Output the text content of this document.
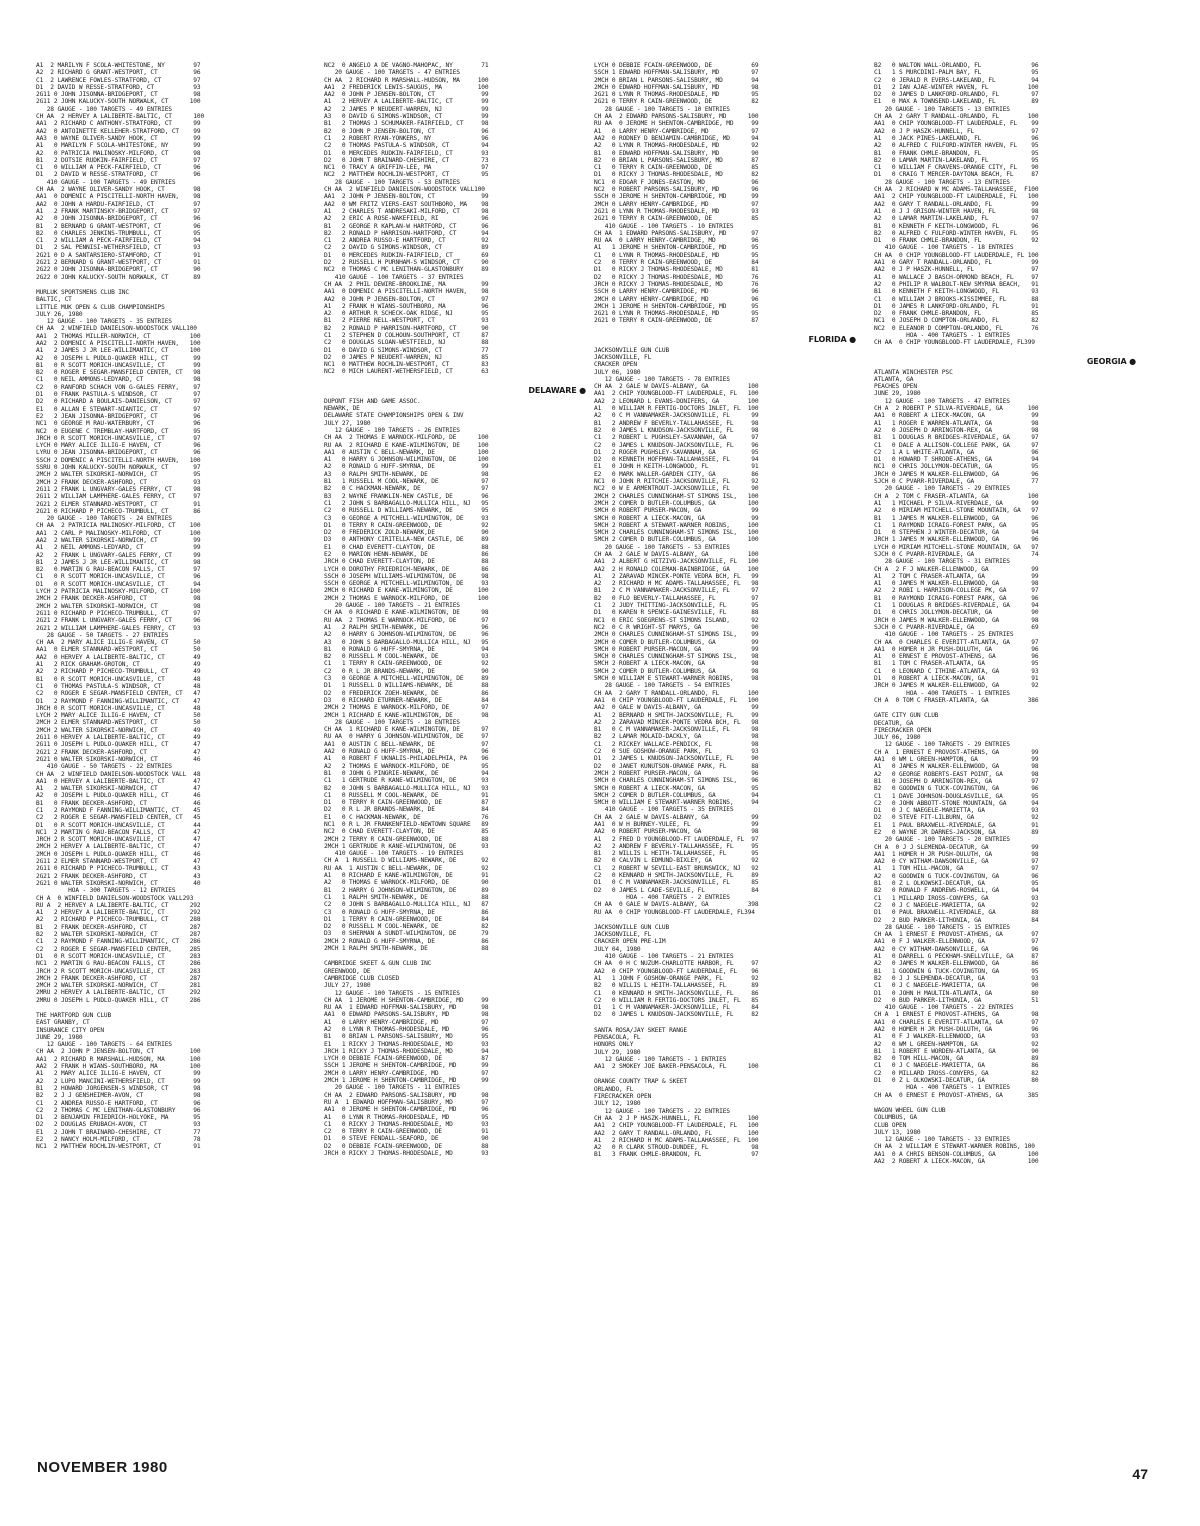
A1  2 MARILYN F SCOLA-WHITESTONE, NY        97
A2  2 RICHARD G GRANT-WESTPORT, CT          96
C1  2 LAWRENCE FOWLES-STRATFORD, CT         97
D1  2 DAVID W RESSE-STRATFORD, CT           93
2G11 0 JOHN JISONNA-BRIDGEPORT, CT          98
2G11 2 JOHN KALUCKY-SOUTH NORWALK, CT      100
28 GAUGE - 100 TARGETS - 49 ENTRIES
CH AA  2 HERVEY A LALIBERTE-BALTIC, CT      100
AA1  2 RICHARD C ANTHONY-STRATFORD, CT      99
AA2  0 ANTOINETTE KELLEHER-STRATFORD, CT    99
AA3  0 WAYNE OLIVER-SANDY HOOK, CT          99
A1   0 MARILYN F SCOLA-WHITESTONE, NY       99
A2   0 PATRICIA MALINOSKY-MILFORD, CT       98
B1   2 DOTSIE RUDKIN-FAIRFIELD, CT          97
C1   0 WILLIAM A PECK-FAIRFIELD, CT         96
D1   2 DAVID W RESSE-STRATFORD, CT          96
410 GAUGE - 100 TARGETS - 49 ENTRIES
CH AA  2 WAYNE OLIVER-SANDY HOOK, CT        98
AA1  0 DOMENIC A PISCITELLI-NORTH HAVEN,    98
AA2  0 JOHN A HARDU-FAIRFIELD, CT           97
A1   2 FRANK MARTINSKY-BRIDGEPORT, CT       97
A2   0 JOHN JISONNA-BRIDGEPORT, CT          96
B1   2 BERNARD G GRANT-WESTPORT, CT         96
B2   0 CHARLES JENKINS-TRUMBULL, CT         95
C1   2 WILLIAM A PECK-FAIRFIELD, CT         94
D1   2 SAL PENNISI-WETHERSFIELD, CT         93
2G21 0 D A SANTARSIERO-STAMFORD, CT         91
2G21 2 BERNARD G GRANT-WESTPORT, CT         91
2G22 0 JOHN JISONNA-BRIDGEPORT, CT          90
2G22 0 JOHN KALUCKY-SOUTH NORWALK, CT       89
MURLUK SPORTSMENS CLUB INC
BALTIC, CT
LITTLE MUK OPEN & CLUB CHAMPIONSHIPS
JULY 26, 1980
12 GAUGE - 100 TARGETS - 35 ENTRIES
CH AA  2 WINFIELD DANIELSON-WOODSTOCK VALL100
AA1  2 THOMAS MILLER-NORWICH, CT           100
AA2  2 DOMENIC A PISCITELLI-NORTH HAVEN,   100
A1   2 JAMES J JR LEE-WILLIMANTIC, CT      100
A2   0 JOSEPH L PUDLO-QUAKER HILL, CT       99
B1   0 R SCOTT MORICH-UNCASVILLE, CT        99
B2   0 ROGER E SEGAR-MANSFIELD CENTER, CT   98
C1   0 NEIL AMMONS-LEDYARD, CT              98
C2   0 RANFORD SCHACH VON G-GALES FERRY,    97
D1   0 FRANK PASTULA-S WINDSOR, CT          97
D2   0 RICHARD A BOULAIS-DANIELSON, CT      97
E1   0 ALLAN E STEWART-NIANTIC, CT          97
E2   2 JEAN JISONNA-BRIDGEPORT, CT          96
NC1  0 GEORGE M RAU-WATERBURY, CT           96
NC2  0 EUGENE C TREMBLAY-HARTFORD, CT       95
JRCH 0 R SCOTT MORICH-UNCASVILLE, CT        97
LYCH 0 MARY ALICE ILLIG-E HAVEN, CT         96
LYRU 0 JEAN JISONNA-BRIDGEPORT, CT          96
SSCH 2 DOMENIC A PISCITELLI-NORTH HAVEN,   100
SSRU 0 JOHN KALUCKY-SOUTH NORWALK, CT       97
2MCH 2 WALTER SIKORSKI-NORWICH, CT          95
2MCH 2 FRANK DECKER-ASHFORD, CT             93
2G11 2 FRANK L UNGVARY-GALES FERRY, CT      98
2G11 2 WILLIAM LAMPHERE-GALES FERRY, CT     97
2G21 2 ELMER STANNARD-WESTPORT, CT          91
2G21 0 RICHARD P PICHECO-TRUMBULL, CT       86
20 GAUGE - 100 TARGETS - 24 ENTRIES
CH AA  2 PATRICIA MALINOSKY-MILFORD, CT    100
AA1  2 CARL P MALINOSKY-MILFORD, CT        100
AA2  2 WALTER SIKORSKI-NORWICH, CT          99
A1   2 NEIL AMMONS-LEDYARD, CT              99
A2   2 FRANK L UNGVARY-GALES FERRY, CT      99
B1   2 JAMES J JR LEE-WILLIMANTIC, CT       98
B2   0 MARTIN G RAU-BEACON FALLS, CT        97
C1   0 R SCOTT MORICH-UNCASVILLE, CT        96
D1   0 R SCOTT MORICH-UNCASVILLE, CT        94
LYCH 2 PATRICIA MALINOSKY-MILFORD, CT      100
2MCH 2 FRANK DECKER-ASHFORD, CT             98
2MCH 2 WALTER SIKORSKI-NORWICH, CT          98
2G11 0 RICHARD P PICHECO-TRUMBULL, CT       97
2G21 2 FRANK L UNGVARY-GALES FERRY, CT      96
2G21 2 WILLIAM LAMPHERE-GALES FERRY, CT     93
28 GAUGE - 50 TARGETS - 27 ENTRIES
CH AA  2 MARY ALICE ILLIG-E HAVEN, CT       50
AA1  0 ELMER STANNARD-WESTPORT, CT          50
AA2  0 HERVEY A LALIBERTE-BALTIC, CT        49
A1   2 RICK GRAHAM-GROTON, CT               49
A2   2 RICHARD P PICHECO-TRUMBULL, CT       49
B1   0 R SCOTT MORICH-UNCASVILLE, CT        48
C1   0 THOMAS PASTULA-S WINDSOR, CT         48
C2   0 ROGER E SEGAR-MANSFIELD CENTER, CT   47
D1   2 RAYMOND F FANNING-WILLIMANTIC, CT    47
JRCH 0 R SCOTT MORICH-UNCASVILLE, CT        48
LYCH 2 MARY ALICE ILLIG-E HAVEN, CT         50
2MCH 2 ELMER STANNARD-WESTPORT, CT          50
2MCH 2 WALTER SIKORSKI-NORWICH, CT          49
2G11 0 HERVEY A LALIBERTE-BALTIC, CT        49
2G11 0 JOSEPH L PUDLO-QUAKER HILL, CT       47
2G21 2 FRANK DECKER-ASHFORD, CT             47
2G21 0 WALTER SIKORSKI-NORWICH, CT          46
410 GAUGE - 50 TARGETS - 22 ENTRIES
CH AA  2 WINFIELD DANIELSON-WOODSTOCK VALL  48
AA1  0 HERVEY A LALIBERTE-BALTIC, CT        47
A1   2 WALTER SIKORSKI-NORWICH, CT          47
A2   0 JOSEPH L PUDLO-QUAKER HILL, CT       46
B1   0 FRANK DECKER-ASHFORD, CT             46
C1   2 RAYMOND F FANNING-WILLIMANTIC, CT    45
C2   2 ROGER E SEGAR-MANSFIELD CENTER, CT   45
D1   0 R SCOTT MORICH-UNCASVILLE, CT        44
NC1  2 MARTIN G RAU-BEACON FALLS, CT        47
JRCH 2 R SCOTT MORICH-UNCASVILLE, CT        47
2MCH 2 HERVEY A LALIBERTE-BALTIC, CT        47
2MCH 0 JOSEPH L PUDLO-QUAKER HILL, CT       46
2G11 2 ELMER STANNARD-WESTPORT, CT          47
2G11 0 RICHARD P PICHECO-TRUMBULL, CT       43
2G21 2 FRANK DECKER-ASHFORD, CT             43
2G21 0 WALTER SIKORSKI-NORWICH, CT          40
HOA - 300 TARGETS - 12 ENTRIES
CH A  0 WINFIELD DANIELSON-WOODSTOCK VALL293
RU A  2 HERVEY A LALIBERTE-BALTIC, CT      292
A1   2 HERVEY A LALIBERTE-BALTIC, CT       292
A2   2 RICHARD P PICHECO-TRUMBULL, CT      288
B1   2 FRANK DECKER-ASHFORD, CT            287
B2   2 WALTER SIKORSKI-NORWICH, CT         287
C1   2 RAYMOND F FANNING-WILLIMANTIC, CT   286
C2   2 ROGER E SEGAR-MANSFIELD CENTER,     285
D1   0 R SCOTT MORICH-UNCASVILLE, CT       283
NC1  2 MARTIN G RAU-BEACON FALLS, CT       286
JRCH 2 R SCOTT MORICH-UNCASVILLE, CT       283
2MCH 2 FRANK DECKER-ASHFORD, CT            287
2MCH 2 WALTER SIKORSKI-NORWICH, CT         281
2MRU 2 HERVEY A LALIBERTE-BALTIC, CT       292
2MRU 0 JOSEPH L PUDLO-QUAKER HILL, CT      286
THE HARTFORD GUN CLUB
EAST GRANBY, CT
INSURANCE CITY OPEN
JUNE 29, 1980
12 GAUGE - 100 TARGETS - 64 ENTRIES
CH AA  2 JOHN P JENSEN-BOLTON, CT          100
AA1  2 RICHARD R MARSHALL-HUDSON, MA       100
AA2  2 FRANK H WIANS-SOUTHBORO, MA         100
A1   2 MARY ALICE ILLIG-E HAVEN, CT         99
A2   2 LUPO MANCINI-WETHERSFIELD, CT        99
B1   2 HOWARD JORGENSEN-S WINDSOR, CT       98
B2   2 J J GENSHEIMER-AVON, CT              98
C1   2 ANDREA RUSSO-E HARTFORD, CT          96
C2   2 THOMAS C MC LENITHAN-GLASTONBURY     96
D1   2 BENJAMIN FRIEDRICH-HOLYOKE, MA       95
D2   2 DOUGLAS ERUBACH-AVON, CT             93
E1   2 JOHN T BRAINARD-CHESHIRE, CT         77
E2   2 NANCY HOLM-MILFORD, CT               78
NC1  2 MATTHEW ROCHLIN-WESTPORT, CT         91
NC2  0 ANGELO A DE VAGNO-MAHOPAC, NY        71
20 GAUGE - 100 TARGETS - 47 ENTRIES
CH AA  2 RICHARD R MARSHALL-HUDSON, MA     100
AA1  2 FREDERICK LEWIS-SAUGUS, MA          100
AA2  0 JOHN P JENSEN-BOLTON, CT             99
A1   2 HERVEY A LALIBERTE-BALTIC, CT        99
A2   2 JAMES P NEUDERT-WARREN, NJ           99
A3   0 DAVID G SIMONS-WINDSOR, CT           99
B1   2 THOMAS J SCHUMAKER-FAIRFIELD, CT     98
B2   0 JOHN P JENSEN-BOLTON, CT             96
C1   2 ROBERT RYAN-YONKERS, NY              96
C2   0 THOMAS PASTULA-S WINDSOR, CT         94
D1   0 MERCEDES RUDKIN-FAIRFIELD, CT        93
D2   0 JOHN T BRAINARD-CHESHIRE, CT         73
NC1  0 TRACY A GRIFFIN-LEE, MA              97
NC2  2 MATTHEW ROCHLIN-WESTPORT, CT         95
28 GAUGE - 100 TARGETS - 53 ENTRIES
CH AA  2 WINFIELD DANIELSON-WOODSTOCK VALL100
AA1  2 JOHN P JENSEN-BOLTON, CT             99
AA2  0 WM FRITZ VIERS-EAST SOUTHBORO, MA    98
A1   2 CHARLES T ANDRESAKI-MILFORD, CT      98
A2   2 ERIC A ROSE-WAKEFIELD, RI            96
B1   2 GEORGE R KAPLAN-W HARTFORD, CT       96
B2   2 RONALD P HARRISON-HARTFORD, CT       94
C1   2 ANDREA RUSSO-E HARTFORD, CT          92
C2   2 DAVID G SIMONS-WINDSOR, CT           89
D1   0 MERCEDES RUDKIN-FAIRFIELD, CT        69
D2   2 RUSSELL H PURNHAM-S WINDSOR, CT      90
NC2  0 THOMAS C MC LENITHAN-GLASTONBURY     89
410 GAUGE - 100 TARGETS - 37 ENTRIES
CH AA  2 PHIL DEWIRE-BROOKLINE, MA          99
AA1  0 DOMENIC A PISCITELLI-NORTH HAVEN,    98
AA2  0 JOHN P JENSEN-BOLTON, CT             97
A1   2 FRANK H WIANS-SOUTHBORO, MA          96
A2   0 ARTHUR R SCHECK-OAK RIDGE, NJ        95
B1   2 PIERRE NELL-WESTPORT, CT             93
B2   2 RONALD P HARRISON-HARTFORD, CT       90
C1   2 STEPHEN D COLHOUN-SOUTHPORT, CT      87
C2   0 DOUGLAS SLOAN-WESTFIELD, NJ          88
D1   0 DAVID G SIMONS-WINDSOR, CT           77
D2   0 JAMES P NEUDERT-WARREN, NJ           85
NC1  0 MATTHEW ROCHLIN-WESTPORT, CT         83
NC2  0 MICH LAURENT-WETHERSFIELD, CT        63
DELAWARE ●
DUPONT FISH AND GAME ASSOC.
NEWARK, DE
DELAWARE STATE CHAMPIONSHIPS OPEN & INV
JULY 27, 1980
12 GAUGE - 100 TARGETS - 26 ENTRIES
CH AA  2 THOMAS E WARNOCK-MILFORD, DE      100
RU AA  2 RICHARD E KANE-WILMINGTON, DE     100
AA1  0 AUSTIN C BELL-NEWARK, DE            100
A1   0 HARRY G JOHNSON-WILMINGTON, DE      100
A2   0 RONALD G HUFF-SMYRNA, DE             99
A3   0 RALPH SMITH-NEWARK, DE               98
B1   1 RUSSELL M COOL-NEWARK, DE            97
B2   0 C HACKMAN-NEWARK, DE                 97
B3   2 WAYNE FRANKLIN-NEW CASTLE, DE        96
C1   2 JOHN S BARBAGALLO-MULLICA HILL, NJ   95
C2   0 RUSSELL D WILLIAMS-NEWARK, DE        95
C3   0 GEORGE A MITCHELL-WILMINGTON, DE     93
D1   0 TERRY R CAIN-GREENWOOD, DE           92
D2   0 FREDERICK ZOLD-NEWARK,DE             90
D3   0 ANTHONY CIRITELLA-NEW CASTLE, DE     89
E1   0 CHAD EVERETT-CLAYTON, DE             88
E2   0 MARION HENN-NEWARK, DE               86
JRCH 0 CHAD EVERETT-CLAYTON, DE             88
LYCH 0 DOROTHY FRIEDRICH-NEWARK, DE         86
SSCH 0 JOSEPH WILLIAMS-WILMINGTON, DE       98
SSCH 0 GEORGE A MITCHELL-WILMINGTON, DE     93
2MCH 0 RICHARD E KANE-WILMINGTON, DE       100
2MCH 2 THOMAS E WARNOCK-MILFORD, DE        100
20 GAUGE - 100 TARGETS - 21 ENTRIES
CH AA  0 RICHARD E KANE-WILMINGTON, DE      98
RU AA  2 THOMAS E WARNOCK-MILFORD, DE       97
A1   2 RALPH SMITH-NEWARK, DE               96
A2   0 HARRY G JOHNSON-WILMINGTON, DE       96
A3   0 JOHN S BARBAGALLO-MULLICA HILL, NJ   95
B1   0 RONALD G HUFF-SMYRNA, DE             94
B2   0 RUSSELL M COOL-NEWARK, DE            93
C1   1 TERRY R CAIN-GREENWOOD, DE           92
C2   0 R L JR BRANDS-NEWARK, DE             90
C3   0 GEORGE A MITCHELL-WILMINGTON, DE     89
D1   1 RUSSELL D WILLIAMS-NEWARK, DE        88
D2   0 FREDERICK ZOEH-NEWARK, DE            86
D3   0 RICHARD ETURNER-NEWARK, DE           84
2MCH 2 THOMAS E WARNOCK-MILFORD, DE         97
2MCH 1 RICHARD E KANE-WILMINGTON, DE        98
28 GAUGE - 100 TARGETS - 18 ENTRIES
CH AA  1 RICHARD E KANE-WILMINGTON, DE      97
RU AA  0 HARRY G JOHNSON-WILMINGTON, DE     97
AA1  0 AUSTIN C BELL-NEWARK, DE             97
AA2  0 RONALD G HUFF-SMYRNA, DE             96
A1   0 ROBERT F UKNALIS-PHILADELPHIA, PA    96
A2   2 THOMAS E WARNOCK-MILFORD, DE         95
B1   0 JOHN G PINGRIE-NEWARK, DE            94
C1   1 GERTRUDE R KANE-WILMINGTON, DE       93
B2   0 JOHN S BARBAGALLO-MULLICA HILL, NJ   93
C1   0 RUSSELL M COOL-NEWARK, DE            91
D1   0 TERRY R CAIN-GREENWOOD, DE           87
D2   0 R L JR BRANDS-NEWARK, DE             84
E1   0 C HACKMAN-NEWARK, DE                 76
NC1  0 R L JR FRANKENFIELD-NEWTOWN SQUARE   89
NC2  0 CHAD EVERETT-CLAYTON, DE             85
2MCH 2 TERRY R CAIN-GREENWOOD, DE           88
2MCH 1 GERTRUDE R KANE-WILMINGTON, DE       93
410 GAUGE - 100 TARGETS - 19 ENTRIES
CH A  1 RUSSELL D WILLIAMS-NEWARK, DE       92
RU AA  1 AUSTIN C BELL-NEWARK, DE           92
A1   0 RICHARD E KANE-WILMINGTON, DE        91
A2   0 THOMAS E WARNOCK-MILFORD, DE         90
B1   2 HARRY G JOHNSON-WILMINGTON, DE       89
C1   1 RALPH SMITH-NEWARK, DE               88
C2   0 JOHN S BARBAGALLO-MULLICA HILL, NJ   87
C3   0 RONALD G HUFF-SMYRNA, DE             86
D1   1 TERRY R CAIN-GREENWOOD, DE           84
D2   0 RUSSELL M COOL-NEWARK, DE            82
D3   0 SHERMAN A SUNDT-WILMINGTON, DE       79
2MCH 2 RONALD G HUFF-SMYRNA, DE             86
2MCH 1 RALPH SMITH-NEWARK, DE               88
CAMBRIDGE SKEET & GUN CLUB INC
GREENWOOD, DE
CAMBRIDGE CLUB CLOSED
JULY 27, 1980
12 GAUGE - 100 TARGETS - 15 ENTRIES
CH AA  1 JEROME H SHENTON-CAMBRIDGE, MD     99
RU AA  1 EDWARD HOFFMAN-SALISBURY, MD       98
AA1  0 EDWARD PARSONS-SALISBURY, MD         98
A1   0 LARRY HENRY-CAMBRIDGE, MD            97
A2   0 LYNN R THOMAS-RHODESDALE, MD         96
B1   0 BRIAN L PARSONS-SALISBURY, MD        95
E1   1 RICKY J THOMAS-RHODESDALE, MD        93
JRCH 1 RICKY J THOMAS-RHODESDALE, MD        94
LYCH 0 DEBBIE FCAIN-GREENWOOD, DE           87
SSCH 1 JEROME H SHENTON-CAMBRIDGE, MD       99
2MCH 0 LARRY HENRY-CAMBRIDGE, MD            97
2MCH 1 JEROME H SHENTON-CAMBRIDGE, MD       99
20 GAUGE - 100 TARGETS - 11 ENTRIES
CH AA  2 EDWARD PARSONS-SALISBURY, MD       98
RU A  1 EDWARD HOFFMAN-SALISBURY, MD        97
AA1  0 JEROME H SHENTON-CAMBRIDGE, MD       96
A1   0 LYNN R THOMAS-RHODESDALE, MD         95
C1   0 RICKY J THOMAS-RHODESDALE, MD        93
C2   0 TERRY R CAIN-GREENWOOD, DE           91
D1   0 STEVE FENDALL-SEAFORD, DE            90
D2   0 DEBBIE FCAIN-GREENWOOD, DE           88
JRCH 0 RICKY J THOMAS-RHODESDALE, MD        93
LYCH 0 DEBBIE FCAIN-GREENWOOD, DE           69
SSCH 1 EDWARD HOFFMAN-SALISBURY, MD         97
2MCH 0 BRIAN L PARSONS-SALISBURY, MD        94
2MCH 0 EDWARD HOFFMAN-SALISBURY, MD         98
2G21 0 LYNN R THOMAS-RHODESDALE, MD         95
2G21 0 TERRY R CAIN-GREENWOOD, DE           82
28 GAUGE - 100 TARGETS - 10 ENTRIES
CH AA  2 EDWARD PARSONS-SALISBURY, MD      100
RU AA  0 JEROME H SHENTON-CAMBRIDGE, MD     99
A1   0 LARRY HENRY-CAMBRIDGE, MD            97
AA2  0 RODNEY D BENJAMIN-CAMBRIDGE, MD      94
A2   0 LYNN R THOMAS-RHODESDALE, MD         92
B1   0 EDWARD HOFFMAN-SALISBURY, MD         90
B2   0 BRIAN L PARSONS-SALISBURY, MD        87
C1   0 TERRY R CAIN-GREENWOOD, DE           85
D1   0 RICKY J THOMAS-RHODESDALE, MD        82
NC1  0 EDGAR F JONES-EASTON, MD             96
NC2  0 ROBERT PARSONS-SALISBURY, MD         96
SSCH 0 JEROME H SHENTON-CAMBRIDGE, MD       99
2MCH 0 LARRY HENRY-CAMBRIDGE, MD            97
2G21 0 LYNN R THOMAS-RHODESDALE, MD         93
2G21 0 TERRY R CAIN-GREENWOOD, DE           85
410 GAUGE - 100 TARGETS - 10 ENTRIES
CH AA  1 EDWARD PARSONS-SALISBURY, MD       97
RU AA  0 LARRY HENRY-CAMBRIDGE, MD          96
A1   1 JEROME H SHENTON-CAMBRIDGE, MD       95
C1   0 LYNN R THOMAS-RHODESDALE, MD         95
C2   0 TERRY R CAIN-GREENWOOD, DE           84
D1   0 RICKY J THOMAS-RHODESDALE, MD        81
D2   0 RICKY J THOMAS-RHODESDALE, MD        76
JRCH 0 RICKY J THOMAS-RHODESDALE, MD        76
SSCH 0 LARRY HENRY-CAMBRIDGE, MD            96
2MCH 0 LARRY HENRY-CAMBRIDGE, MD            96
2MCH 1 JEROME H SHENTON-CAMBRIDGE, MD       95
2G21 0 LYNN R THOMAS-RHODESDALE, MD         95
2G21 0 TERRY R CAIN-GREENWOOD, DE           87
FLORIDA ●
JACKSONVILLE GUN CLUB
JACKSONVILLE, FL
CRACKER OPEN
JULY 06, 1980
12 GAUGE - 100 TARGETS - 78 ENTRIES
CH AA  2 GALE W DAVIS-ALBANY, GA           100
AA1  2 CHIP YOUNGBLOOD-FT LAUDERDALE, FL   100
AA2  2 LEONARD L EVANS-DONIFERS, GA        100
A1   0 WILLIAM R FERTIG-DOCTORS INLET, FL  100
A2   0 C M VANNAMAKER-JACKSONVILLE, FL      99
B1   2 ANDREW F BEVERLY-TALLAHASSEE, FL     98
B2   0 JAMES L KNUDSON-JACKSONVILLE, FL     98
C1   2 ROBERT L PUGHSLEY-SAVANNAH, GA       97
C2   0 JAMES L KNUDSON-JACKSONVILLE, FL     96
D1   2 ROGER PUGHSLEY-SAVANNAH, GA          95
D2   0 KENNETH HOFFMAN-TALLAHASSEE, FL      94
E1   0 JOHN H KEITH-LONGWOOD, FL            91
E2   0 MARK WALLER-GARDEN CITY, GA          86
NC1  0 JOHN R RITCHIE-JACKSONVILLE, FL      92
NC2  0 W E ARMENTROUT-JACKSONVILLE, FL      90
2MCH 2 CHARLES CUNNINGHAM-ST SIMONS ISL,   100
2MCH 2 COMER D BUTLER-COLUMBUS, GA         100
SMCH 0 ROBERT PURSER-MACON, GA              99
SMCH 0 ROBERT A LIECK-MACON, GA             99
5MCH 2 ROBERT A STEWART-WARNER ROBINS,     100
5MCH 2 CHARLES CUNNINGHAM-ST SIMONS ISL,   100
5MCH 2 COMER D BUTLER-COLUMBUS, GA         100
20 GAUGE - 100 TARGETS - 53 ENTRIES
CH AA  2 GALE W DAVIS-ALBANY, GA           100
AA1  2 ALBERT G HITZIVG-JACKSONVILLE, FL   100
AA2  2 H RONALD COLEMAN-BAINBRIDGE, GA     100
A1   2 ZARAVAD MINCEK-PONTE VEDRA BCH, FL   99
A2   2 RICHARD H MC ADAMS-TALLAHASSEE, FL   98
B1   2 C M VANNAMAKER-JACKSONVILLE, FL      97
B2   0 FLO BEVERLY-TALLAHASSEE, FL          97
C1   2 JUDY THITTING-JACKSONVILLE, FL       95
D1   0 KAREN R SPENCE-GAINESVILLE, FL       88
NC1  0 ERIC SOEGRENS-ST SIMONS ISLAND,      92
NC2  0 C R WRIGHT-ST MARYS, GA              90
2MCH 0 CHARLES CUNNINGHAM-ST SIMONS ISL,    99
2MCH 0 COMER D BUTLER-COLUMBUS, GA          99
5MCH 0 ROBERT PURSER-MACON, GA              99
5MCH 0 CHARLES CUNNINGHAM-ST SIMONS ISL,    98
5MCH 2 ROBERT A LIECK-MACON, GA             98
5MCH 2 COMER D BUTLER-COLUMBUS, GA          98
5MCH 0 WILLIAM E STEWART-WARNER ROBINS,     98
28 GAUGE - 100 TARGETS - 54 ENTRIES
CH AA  2 GARY T RANDALL-ORLANDO, FL        100
AA1  0 CHIP YOUNGBLOOD-FT LAUDERDALE, FL   100
AA2  0 GALE W DAVIS-ALBANY, GA              99
A1   2 BERNARD H SMITH-JACKSONVILLE, FL     99
A2   2 ZARAVAD MINCEK-PONTE VEDRA BCH, FL   98
B1   0 C M VANNAMAKER-JACKSONVILLE, FL      98
B2   2 LAMAR MOLAID-DACKLY, GA              98
C1   2 RICKEY WALLACE-PENDICK, FL           98
C2   0 SUE GOSHOW-ORANGE PARK, FL           93
D1   2 JAMES L KNUDSON-JACKSONVILLE, FL     90
D2   0 JANET KUNUTSON-ORANGE PARK, FL       88
2MCH 2 ROBERT PURSER-MACON, GA              96
5MCH 0 CHARLES CUNNINGHAM-ST SIMONS ISL,    96
5MCH 0 ROBERT A LIECK-MACON, GA             95
5MCH 2 COMER D BUTLER-COLUMBUS, GA          94
5MCH 0 WILLIAM E STEWART-WARNER ROBINS,     94
410 GAUGE - 100 TARGETS - 35 ENTRIES
CH AA  2 GALE W DAVIS-ALBANY, GA            99
AA1  0 W H BURNEY-YULEE, FL                 99
AA2  0 ROBERT PURSER-MACON, GA              98
A1   2 FRED D YOUNGBLOOD-FT LAUDERDALE, FL  97
A2   2 ANDREW F BEVERLY-TALLAHASSEE, FL     95
B1   2 WILLIS L HEITH-TALLAHASSEE, FL       95
B2   0 CALVIN L EDMUND-BIXLEY, GA           92
C1   2 ROBERT W SEVILL-EAST BRUNSWICK, NJ   92
C2   0 KENNARD H SMITH-JACKSONVILLE, FL     89
D1   0 C M VANNAMAKER-JACKSONVILLE, FL      85
D2   0 JAMES L CADE-SEVILLE, FL             84
HOA - 400 TARGETS - 2 ENTRIES
CH AA  0 GALE W DAVIS-ALBANY, GA           398
RU AA  0 CHIP YOUNGBLOOD-FT LAUDERDALE, FL394
JACKSONVILLE GUN CLUB
JACKSONVILLE, FL
CRACKER OPEN PRE-LIM
JULY 04, 1980
410 GAUGE - 100 TARGETS - 21 ENTRIES
CH AA  0 H C NUZUM-CHARLOTTE HARBOR, FL     97
AA2  0 CHIP YOUNGBLOOD-FT LAUDERDALE, FL    96
A1   1 JOHN F GOSHOW-ORANGE PARK, FL        92
B2   0 WILLIS L HEITH-TALLAHASSEE, FL       89
C1   0 KENNARD H SMITH-JACKSONVILLE, FL     86
C2   0 WILLIAM R FERTIG-DOCTORS INLET, FL   85
D1   1 C M VANNAMAKER-JACKSONVILLE, FL      84
D2   0 JAMES L KNUDSON-JACKSONVILLE, FL     82
SANTA ROSA/JAY SKEET RANGE
PENSACOLA, FL
HONORS ONLY
JULY 29, 1980
12 GAUGE - 100 TARGETS - 1 ENTRIES
AA1  2 SMOKEY JOE BAKER-PENSACOLA, FL      100
ORANGE COUNTY TRAP & SKEET
ORLANDO, FL
FIRECRACKER OPEN
JULY 12, 1980
12 GAUGE - 100 TARGETS - 22 ENTRIES
CH AA  2 J P HASZK-HUNNELL, FL             100
AA1  2 CHIP YOUNGBLOOD-FT LAUDERDALE, FL   100
AA2  2 GARY T RANDALL-ORLANDO, FL          100
A1   2 RICHARD H MC ADAMS-TALLAHASSEE, FL  100
A2   0 R CLARK STROUD-DUNDEE, FL            98
B1   3 FRANK CHMLE-BRANDON, FL              97
B2   0 WALTON WALL-ORLANDO, FL              96
C1   1 S MURCDINI-PALM BAY, FL              95
C2   0 JERALD R EVERS-LAKELAND, FL          94
D1   2 IAN AJAE-WINTER HAVEN, FL           100
D2   0 JAMES D LANKFORD-ORLANDO, FL         97
E1   0 MAX A TOWNSEND-LAKELAND, FL          89
20 GAUGE - 100 TARGETS - 13 ENTRIES
CH AA  2 GARY T RANDALL-ORLANDO, FL        100
AA1  0 CHIP YOUNGBLOOD-FT LAUDERDALE, FL    99
AA2  0 J P HASZK-HUNNELL, FL                97
A1   0 JACK PINES-LAKELAND, FL              96
A2   0 ALFRED C FULFORD-WINTER HAVEN, FL    95
B1   0 FRANK CHMLE-BRANDON, FL              95
B2   0 LAMAR MARTIN-LAKELAND, FL            95
C1   0 WILLIAM F CRAVENS-ORANGE CITY, FL    90
D1   0 CRAIG T MERCER-DAYTONA BEACH, FL     87
28 GAUGE - 100 TARGETS - 13 ENTRIES
CH AA  2 RICHARD W MC ADAMS-TALLAHASSEE,  F100
AA1  2 CHIP YOUNGBLOOD-FT LAUDERDALE, FL   100
AA2  0 GARY T RANDALL-ORLANDO, FL           99
A1   0 J J GRISON-WINTER HAVEN, FL          98
A2   0 LAMAR MARTIN-LAKELAND, FL            97
B1   0 KENNETH F KEITH-LONGWOOD, FL         96
B2   0 ALFRED C FULFORD-WINTER HAVEN, FL    95
D1   0 FRANK CHMLE-BRANDON, FL              92
410 GAUGE - 100 TARGETS - 18 ENTRIES
CH AA  0 CHIP YOUNGBLOOD-FT LAUDERDALE, FL 100
AA1  0 GARY T RANDALL-ORLANDO, FL           99
AA2  0 J P HASZK-HUNNELL, FL                97
A1   0 WALLACE J BASCH-ORMOND BEACH, FL     97
A2   0 PHILIP R WALBOLT-NEW SMYRNA BEACH,   91
B1   0 KENNETH F KEITH-LONGWOOD, FL         93
C1   0 WILLIAM J BROOKS-KISSIMMEE, FL       88
D1   0 JAMES R LANKFORD-ORLANDO, FL         91
D2   0 FRANK CHMLE-BRANDON, FL              85
NC1  0 JOSEPH D COMPTON-ORLANDO, FL         82
NC2  0 ELEANOR D COMPTON-ORLANDO, FL        76
HOA - 400 TARGETS - 1 ENTRIES
CH AA  0 CHIP YOUNGBLOOD-FT LAUDERDALE, FL399
GEORGIA ●
ATLANTA WINCHESTER PSC
ATLANTA, GA
PEACHES OPEN
JUNE 29, 1980
12 GAUGE - 100 TARGETS - 47 ENTRIES
CH A  2 ROBERT P SILVA-RIVERDALE, GA       100
AA1  0 ROBERT A LIECK-MACON, GA             99
A1   1 ROGER E WARREN-ATLANTA, GA           98
A2   0 JOSEPH D ARRINGTON-REX, GA           98
B1   1 DOUGLAS R BRIDGES-RIVERDALE, GA      97
C1   0 DALE A ALLISON-COLLEGE PARK, GA      97
C2   1 A L WHITE-ATLANTA, GA                96
D1   0 HOWARD T SHRODE-ATHENS, GA           94
NC1  0 CHRIS JOLLYMON-DECATUR, GA           95
JRCH 0 JAMES M WALKER-ELLENWOOD, GA         96
SJCH 0 C PVARR-RIVERDALE, GA                77
20 GAUGE - 100 TARGETS - 29 ENTRIES
CH A  2 TOM C FRASER-ATLANTA, GA           100
A1   1 MICHAEL P SILVA-RIVERDALE, GA        99
A2   0 MIRIAM MITCHELL-STONE MOUNTAIN, GA   97
B1   1 JAMES M WALKER-ELLENWOOD, GA         96
C1   1 RAYMOND ICRAIG-FOREST PARK, GA       95
D1   0 STEPHEN J WINTER-DECATUR, GA         94
JRCH 1 JAMES M WALKER-ELLENWOOD, GA         96
LYCH 0 MIRIAM MITCHELL-STONE MOUNTAIN, GA   97
SJCH 0 C PVARR-RIVERDALE, GA                74
28 GAUGE - 100 TARGETS - 31 ENTRIES
CH A  2 F J WALKER-ELLENWOOD, GA            99
A1   2 TOM C FRASER-ATLANTA, GA             99
A1   0 JAMES M WALKER-ELLENWOOD, GA         98
A2   2 ROBI L HARRISON-COLLEGE PK, GA       97
B1   0 RAYMOND ICRAIG-FOREST PARK, GA       96
C1   1 DOUGLAS R BRIDGES-RIVERDALE, GA      94
D1   0 CHRIS JOLLYMON-DECATUR, GA           90
JRCH 0 JAMES M WALKER-ELLENWOOD, GA         98
SJCH 0 C PVARR-RIVERDALE, GA                69
410 GAUGE - 100 TARGETS - 25 ENTRIES
CH AA  0 CHARLES E EVERITT-ATLANTA, GA      97
AA1  0 HOMER H JR PUSH-DULUTH, GA           96
A1   0 ERNEST E PROVOST-ATHENS, GA          96
B1   1 TOM C FRASER-ATLANTA, GA             95
C1   0 LEONARD C ITHINE-ATLANTA, GA         93
D1   0 ROBERT A LIECK-MACON, GA             91
JRCH 0 JAMES M WALKER-ELLENWOOD, GA         92
HOA - 400 TARGETS - 1 ENTRIES
CH A  0 TOM C FRASER-ATLANTA, GA           386
GATE CITY GUN CLUB
DECATUR, GA
FIRECRACKER OPEN
JULY 06, 1980
12 GAUGE - 100 TARGETS - 29 ENTRIES
CH A  1 ERNEST E PROVOST-ATHENS, GA         99
AA1  0 WM L GREEN-HAMPTON, GA               99
A1   0 JAMES M WALKER-ELLENWOOD, GA         98
A2   0 GEORGE ROBERTS-EAST POINT, GA        98
B1   0 JOSEPH D ARRINGTON-REX, GA           97
B2   0 GOODWIN G TUCK-COVINGTON, GA         96
C1   1 DAVE JOHNSON-DOUGLASVILLE, GA        95
C2   0 JOHN ABBOTT-STONE MOUNTAIN, GA       94
D1   0 J C NAEGELE-MARIETTA, GA             93
D2   0 STEVE FIT-LILBURN, GA                92
E1   1 PAUL BRAXWELL-RIVERDALE, GA          91
E2   0 WAYNE JR DARNES-JACKSON, GA          89
20 GAUGE - 100 TARGETS - 20 ENTRIES
CH A  0 J J SLEMENDA-DECATUR, GA            99
AA1  1 HOMER H JR PUSH-DULUTH, GA           98
AA2  0 CY WITHAM-DAWSONVILLE, GA            97
A1   1 TOM HILL-MACON, GA                   97
A2   0 GOODWIN G TUCK-COVINGTON, GA         96
B1   0 Z L OLKOWSKI-DECATUR, GA             95
B2   0 RONALD F ANDREWS-ROSWELL, GA         94
C1   1 MILLARD IROSS-CONYERS, GA            93
C2   0 J C NAEGELE-MARIETTA, GA             92
D1   0 PAUL BRAXWELL-RIVERDALE, GA          88
D2   2 BUD PARKER-LITHONIA, GA              84
28 GAUGE - 100 TARGETS - 15 ENTRIES
CH AA  1 ERNEST E PROVOST-ATHENS, GA        97
AA1  0 F J WALKER-ELLENWOOD, GA             97
AA2  0 CY WITHAM-DAWSONVILLE, GA            96
A1   0 DARRELL G PECKHAM-SNELLVILLE, GA     87
A2   0 JAMES M WALKER-ELLENWOOD, GA         86
B1   1 GOODWIN G TUCK-COVINGTON, GA         95
B2   0 J J SLEMENDA-DECATUR, GA             93
C1   0 J C NAEGELE-MARIETTA, GA             90
D1   0 JOHN H MAULTIN-ATLANTA, GA           80
D2   0 BUD PARKER-LITHONIA, GA              51
410 GAUGE - 100 TARGETS - 22 ENTRIES
CH A  1 ERNEST E PROVOST-ATHENS, GA         98
AA1  0 CHARLES E EVERITT-ATLANTA, GA        97
AA2  0 HOMER H JR PUSH-DULUTH, GA           96
A1   0 F J WALKER-ELLENWOOD, GA             93
A2   0 WM L GREEN-HAMPTON, GA               92
B1   1 ROBERT E WORDEN-ATLANTA, GA          90
B2   0 TOM HILL-MACON, GA                   89
C1   0 J C NAEGELE-MARIETTA, GA             86
C2   0 MILLARD IROSS-CONYERS, GA            82
D1   0 Z L OLKOWSKI-DECATUR, GA             80
HOA - 400 TARGETS - 1 ENTRIES
CH AA  0 ERNEST E PROVOST-ATHENS, GA       385
WAGON WHEEL GUN CLUB
COLUMBUS, GA
CLUB OPEN
JULY 13, 1980
12 GAUGE - 100 TARGETS - 33 ENTRIES
CH AA  2 WILLIAM E STEWART-WARNER ROBINS, 100
AA1  0 A CHRIS BENSON-COLUMBUS, GA         100
AA2  2 ROBERT A LIECK-MACON, GA            100
NOVEMBER 1980	47
